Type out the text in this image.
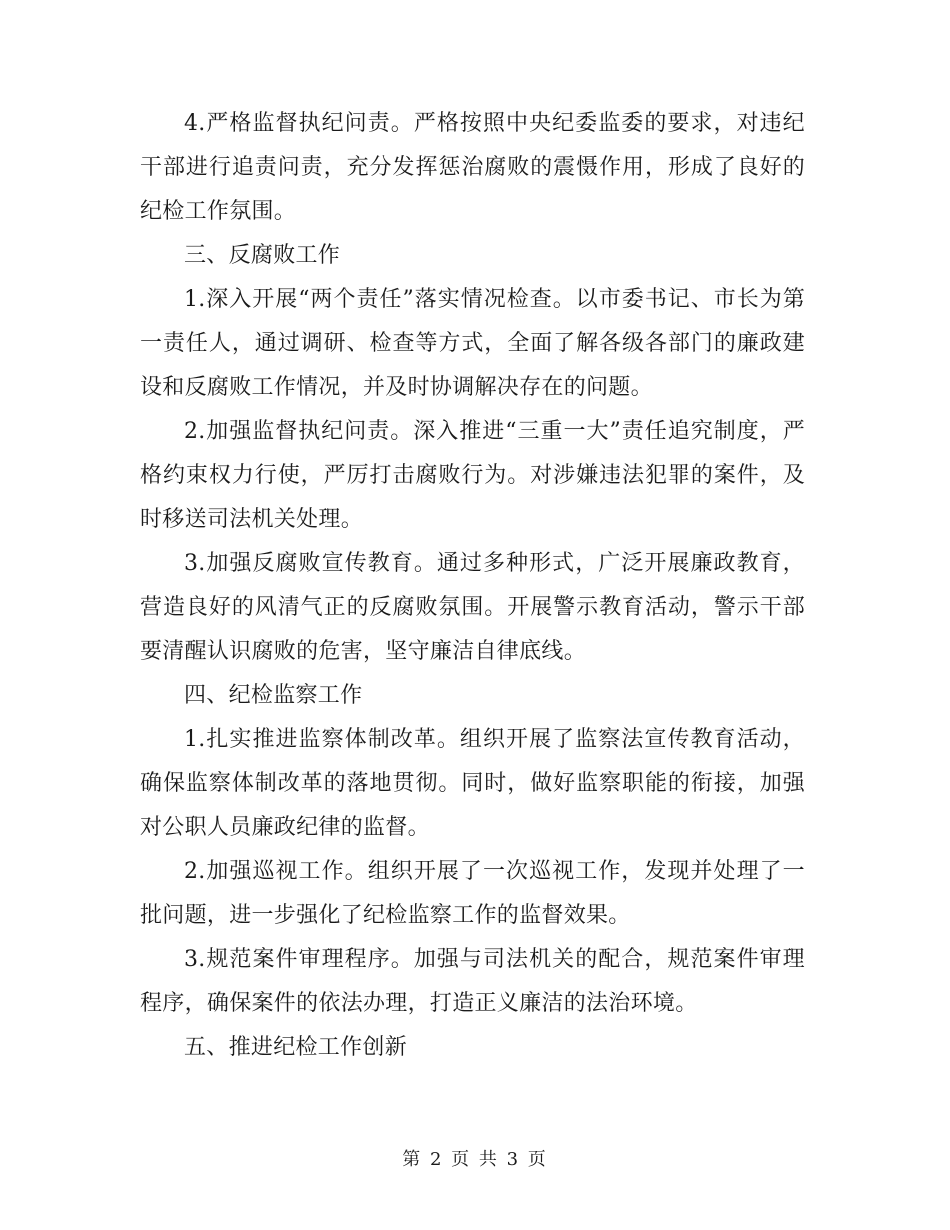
4.严格监督执纪问责。严格按照中央纪委监委的要求，对违纪干部进行追责问责，充分发挥惩治腐败的震慑作用，形成了良好的纪检工作氛围。

三、反腐败工作

1.深入开展“两个责任”落实情况检查。以市委书记、市长为第一责任人，通过调研、检查等方式，全面了解各级各部门的廉政建设和反腐败工作情况，并及时协调解决存在的问题。

2.加强监督执纪问责。深入推进“三重一大”责任追究制度，严格约束权力行使，严厉打击腐败行为。对涉嫌违法犯罪的案件，及时移送司法机关处理。

3.加强反腐败宣传教育。通过多种形式，广泛开展廉政教育，营造良好的风清气正的反腐败氛围。开展警示教育活动，警示干部要清醒认识腐败的危害，坚守廉洁自律底线。

四、纪检监察工作

1.扎实推进监察体制改革。组织开展了监察法宣传教育活动，确保监察体制改革的落地贯彻。同时，做好监察职能的衔接，加强对公职人员廉政纪律的监督。

2.加强巡视工作。组织开展了一次巡视工作，发现并处理了一批问题，进一步强化了纪检监察工作的监督效果。

3.规范案件审理程序。加强与司法机关的配合，规范案件审理程序，确保案件的依法办理，打造正义廉洁的法治环境。

五、推进纪检工作创新

第 2 页 共 3 页
